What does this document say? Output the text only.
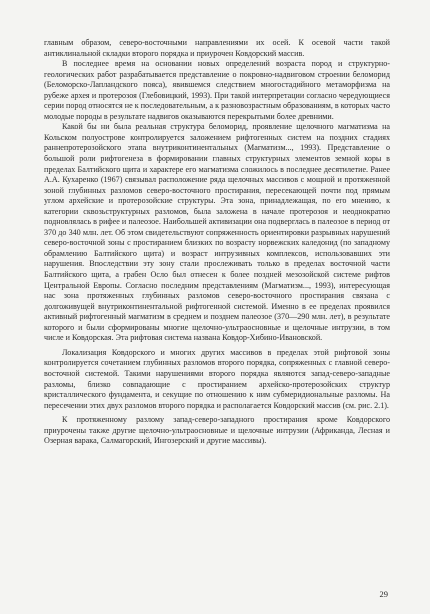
главным образом, северо-восточными направлениями их осей. К осевой части такой антиклинальной складки второго порядка и приурочен Ковдорский массив.

В последнее время на основании новых определений возраста пород и структурно-геологических работ разрабатывается представление о покровно-надвиговом строении беломорид (Беломорско-Лапландского пояса), явившемся следствием многостадийного метаморфизма на рубеже архея и протерозоя (Глебовицкий, 1993). При такой интерпретации согласно чередующиеся серии пород относятся не к последовательным, а к разновозрастным образованиям, в которых часто молодые породы в результате надвигов оказываются перекрытыми более древними.

Какой бы ни была реальная структура беломорид, проявление щелочного магматизма на Кольском полуострове контролируется заложением рифтогенных систем на поздних стадиях раннепротерозойского этапа внутриконтинентальных (Магматизм..., 1993). Представление о большой роли рифтогенеза в формировании главных структурных элементов земной коры в пределах Балтийского щита и характере его магматизма сложилось в последнее десятилетие. Ранее А.А. Кухаренко (1967) связывал расположение ряда щелочных массивов с мощной и протяженной зоной глубинных разломов северо-восточного простирания, пересекающей почти под прямым углом архейские и протерозойские структуры. Эта зона, принадлежащая, по его мнению, к категории сквозьструктурных разломов, была заложена в начале протерозоя и неоднократно подновлялась в рифее и палеозое. Наибольшей активизации она подверглась в палеозое в период от 370 до 340 млн. лет. Об этом свидетельствуют сопряженность ориентировки разрывных нарушений северо-восточной зоны с простиранием близких по возрасту норвежских каледонид (по западному обрамлению Балтийского щита) и возраст интрузивных комплексов, использовавших эти нарушения. Впоследствии эту зону стали прослеживать только в пределах восточной части Балтийского щита, а грабен Осло был отнесен к более поздней мезозойской системе рифтов Центральной Европы. Согласно последним представлениям (Магматизм..., 1993), интересующая нас зона протяженных глубинных разломов северо-восточного простирания связана с долгоживущей внутриконтинентальной рифтогенной системой. Именно в ее пределах проявился активный рифтогенный магматизм в среднем и позднем палеозое (370—290 млн. лет), в результате которого и были сформированы многие щелочно-ультраосновные и щелочные интрузии, в том числе и Ковдорская. Эта рифтовая система названа Ковдор-Хибино-Ивановской.

Локализация Ковдорского и многих других массивов в пределах этой рифтовой зоны контролируется сочетанием глубинных разломов второго порядка, сопряженных с главной северо-восточной системой. Такими нарушениями второго порядка являются запад-северо-западные разломы, близко совпадающие с простиранием архейско-протерозойских структур кристаллического фундамента, и секущие по отношению к ним субмеридиональные разломы. На пересечении этих двух разломов второго порядка и располагается Ковдорский массив (см. рис. 2.1).

К протяженному разлому запад-северо-западного простирания кроме Ковдорского приурочены также другие щелочно-ультраосновные и щелочные интрузии (Африканда, Лесная и Озерная варака, Салмагорский, Ингозерский и другие массивы).

29
